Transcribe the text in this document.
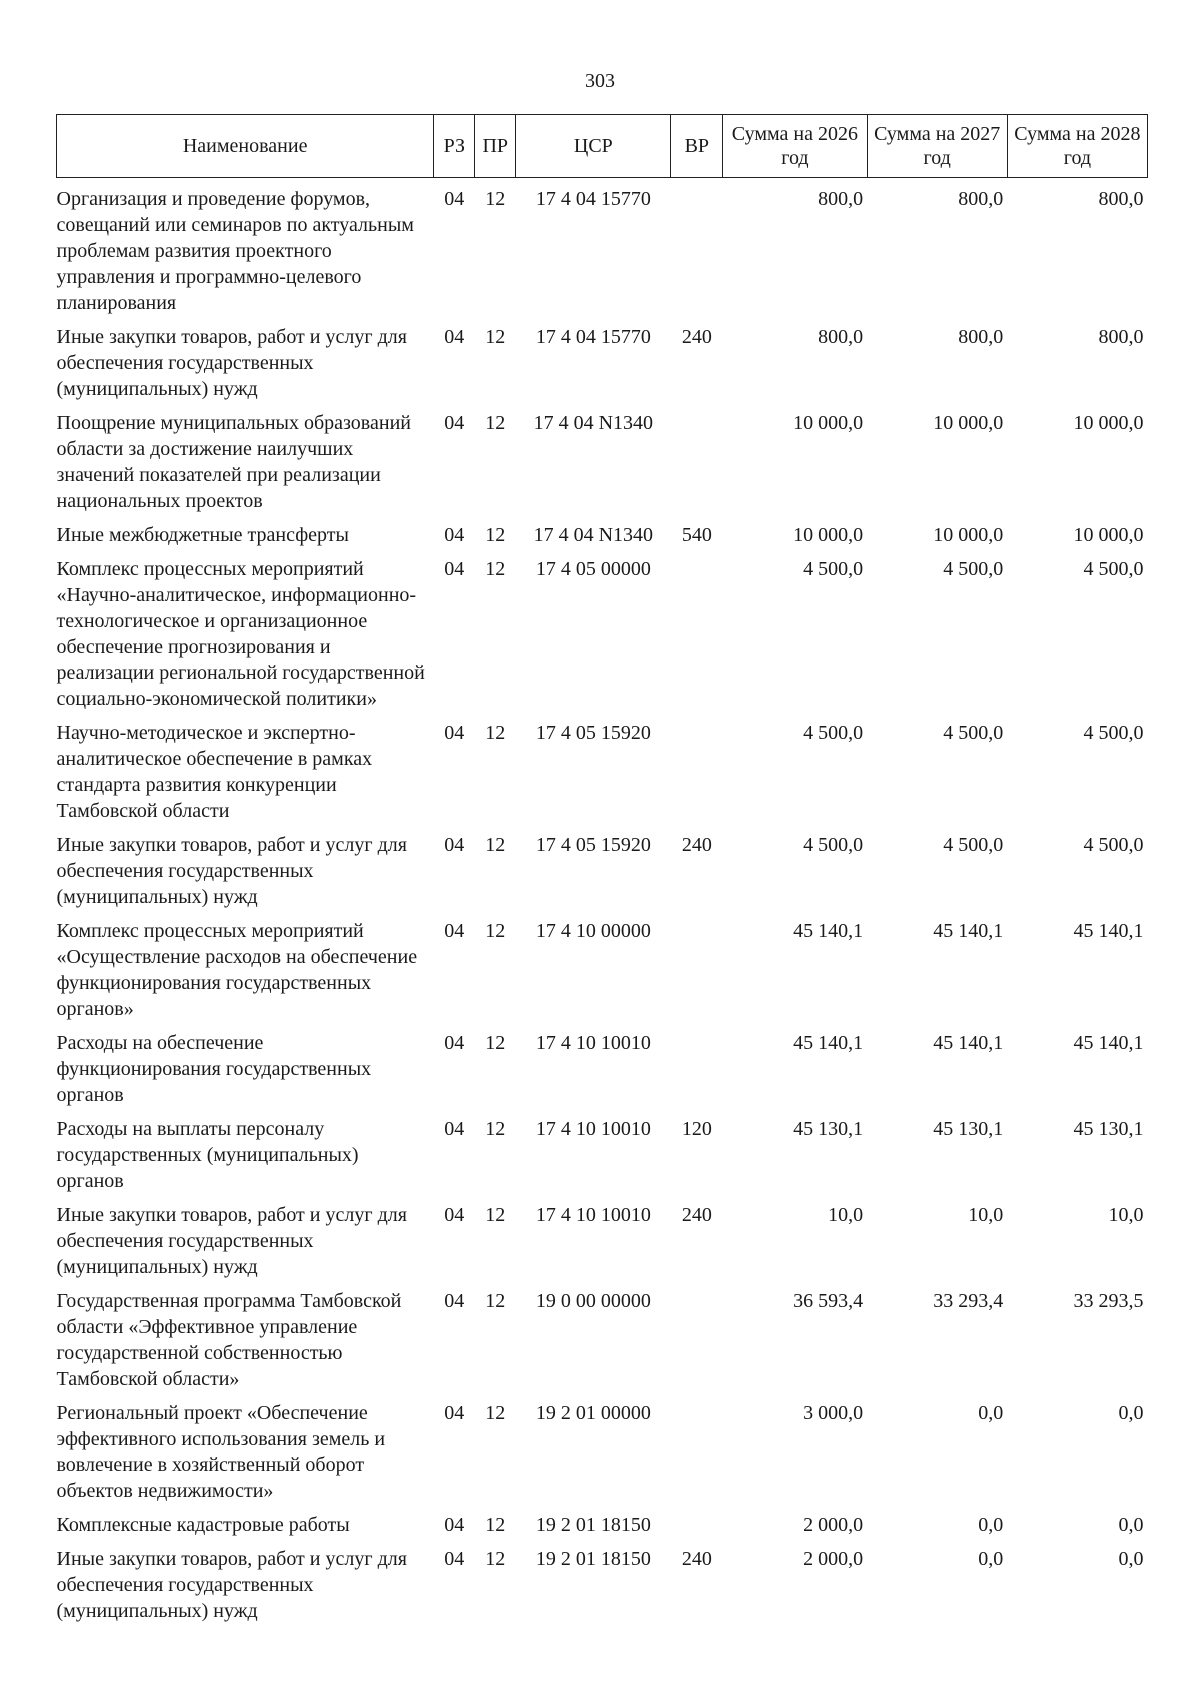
303
Наименование	РЗ	ПР	ЦСР	ВР	Сумма на 2026 год	Сумма на 2027 год	Сумма на 2028 год
Организация и проведение форумов, совещаний или семинаров по актуальным проблемам развития проектного управления и программно-целевого планирования	04	12	17 4 04 15770		800,0	800,0	800,0
Иные закупки товаров, работ и услуг для обеспечения государственных (муниципальных) нужд	04	12	17 4 04 15770	240	800,0	800,0	800,0
Поощрение муниципальных образований области за достижение наилучших значений показателей при реализации национальных проектов	04	12	17 4 04 N1340		10 000,0	10 000,0	10 000,0
Иные межбюджетные трансферты	04	12	17 4 04 N1340	540	10 000,0	10 000,0	10 000,0
Комплекс процессных мероприятий «Научно-аналитическое, информационно-технологическое и организационное обеспечение прогнозирования и реализации региональной государственной социально-экономической политики»	04	12	17 4 05 00000		4 500,0	4 500,0	4 500,0
Научно-методическое и экспертно-аналитическое обеспечение в рамках стандарта развития конкуренции Тамбовской области	04	12	17 4 05 15920		4 500,0	4 500,0	4 500,0
Иные закупки товаров, работ и услуг для обеспечения государственных (муниципальных) нужд	04	12	17 4 05 15920	240	4 500,0	4 500,0	4 500,0
Комплекс процессных мероприятий «Осуществление расходов на обеспечение функционирования государственных органов»	04	12	17 4 10 00000		45 140,1	45 140,1	45 140,1
Расходы на обеспечение функционирования государственных органов	04	12	17 4 10 10010		45 140,1	45 140,1	45 140,1
Расходы на выплаты персоналу государственных (муниципальных) органов	04	12	17 4 10 10010	120	45 130,1	45 130,1	45 130,1
Иные закупки товаров, работ и услуг для обеспечения государственных (муниципальных) нужд	04	12	17 4 10 10010	240	10,0	10,0	10,0
Государственная программа Тамбовской области «Эффективное управление государственной собственностью Тамбовской области»	04	12	19 0 00 00000		36 593,4	33 293,4	33 293,5
Региональный проект «Обеспечение эффективного использования земель и вовлечение в хозяйственный оборот объектов недвижимости»	04	12	19 2 01 00000		3 000,0	0,0	0,0
Комплексные кадастровые работы	04	12	19 2 01 18150		2 000,0	0,0	0,0
Иные закупки товаров, работ и услуг для обеспечения государственных (муниципальных) нужд	04	12	19 2 01 18150	240	2 000,0	0,0	0,0
